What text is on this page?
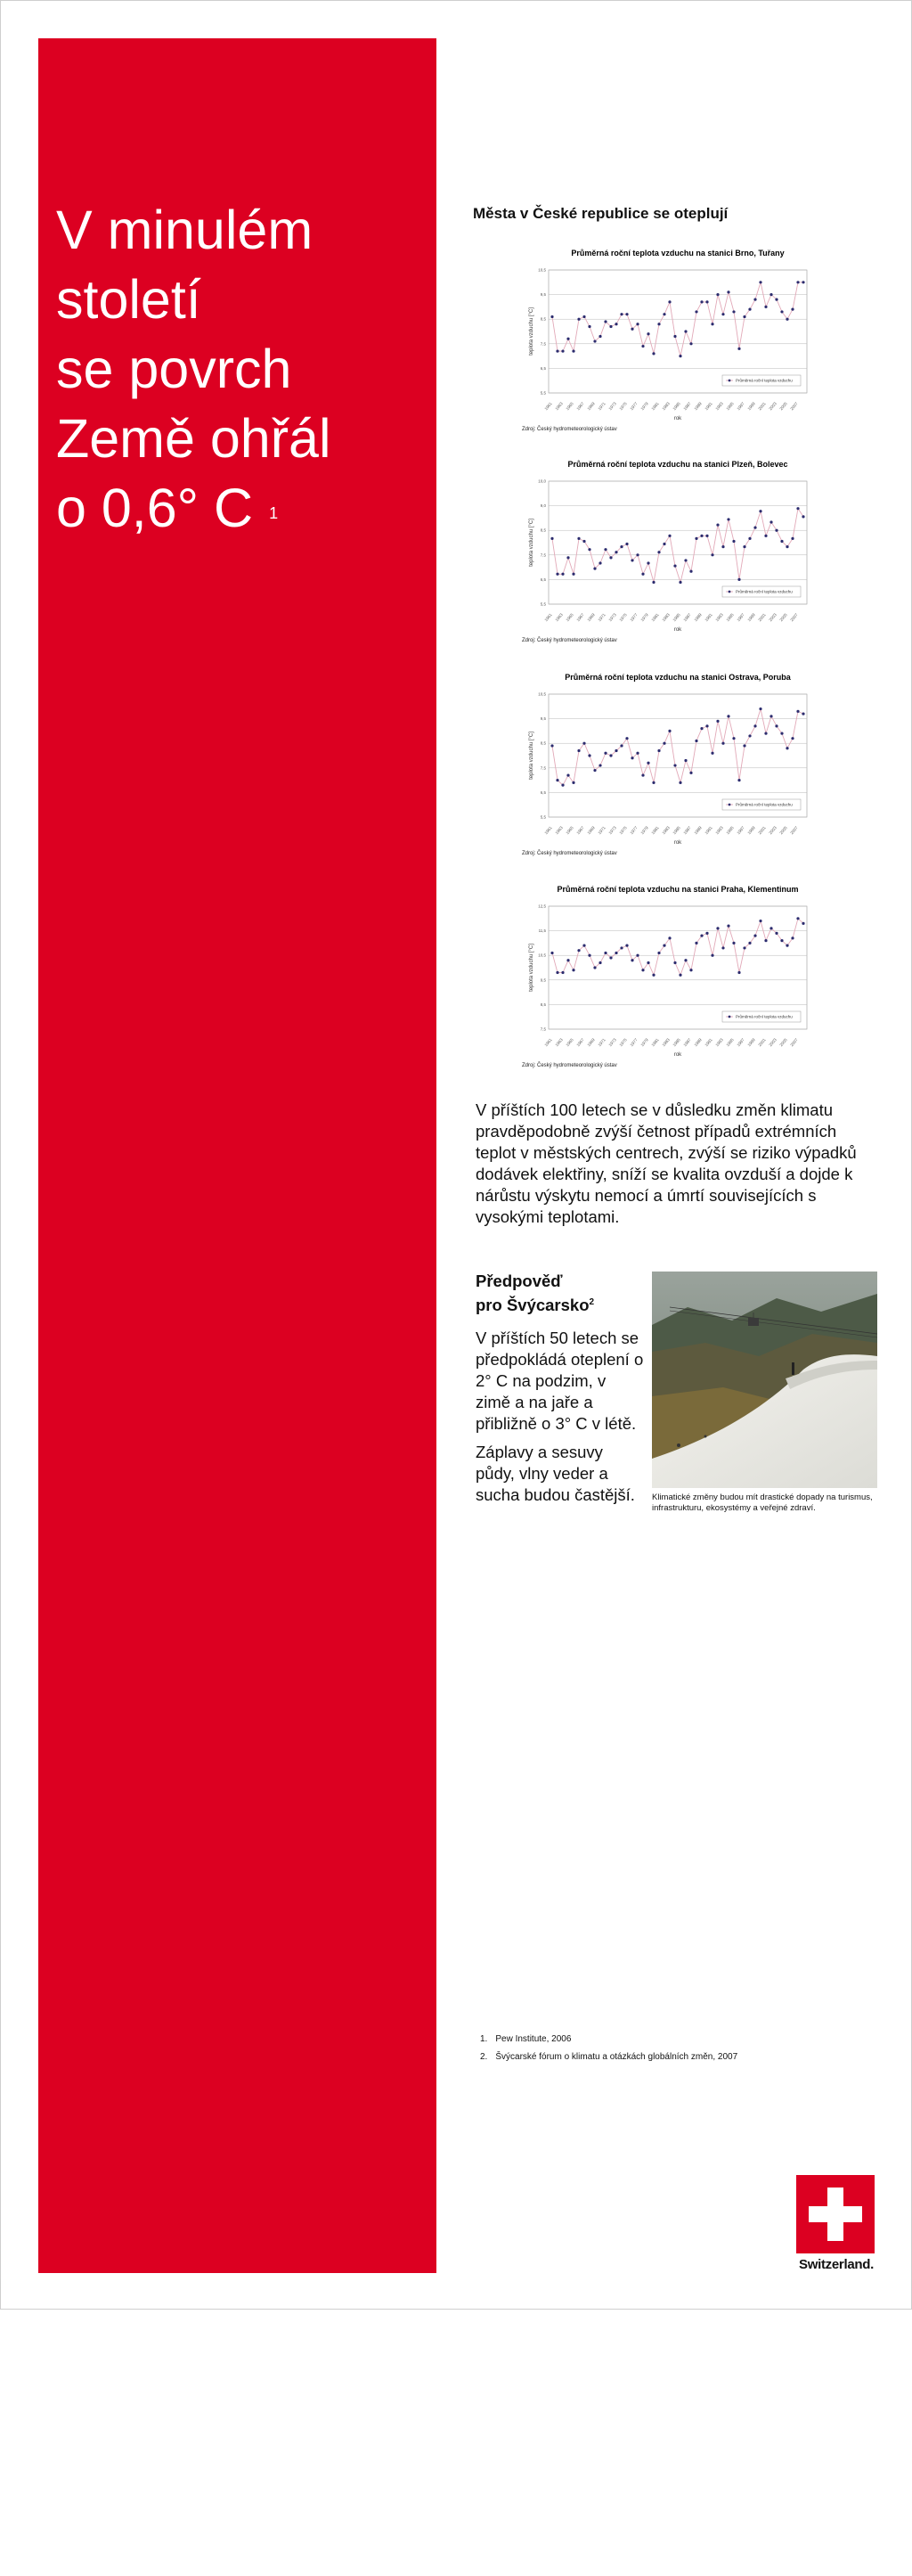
V minulém
století
se povrch
Země ohřál
o 0,6° C $^1$
Města v České republice se oteplují
Průměrná roční teplota vzduchu na stanici Brno, Tuřany
5,5
6,5
7,5
8,5
9,5
10,5
1961 1963 1965 1967 1969 1971 1973 1975 1977 1979 1981 1983 1985 1987 1989 1991 1993 1995 1997 1999 2001 2003 2005 2007
teplota vzduchu [°C]
rok
Průměrná roční teplota vzduchu
Zdroj: Český hydrometeorologický ústav
Průměrná roční teplota vzduchu na stanici Plzeň, Bolevec
5,5
6,5
7,5
8,5
9,0
10,0
1961 1963 1965 1967 1969 1971 1973 1975 1977 1979 1981 1983 1985 1987 1989 1991 1993 1995 1997 1999 2001 2003 2005 2007
teplota vzduchu [°C]
rok
Průměrná roční teplota vzduchu
Zdroj: Český hydrometeorologický ústav
Průměrná roční teplota vzduchu na stanici Ostrava, Poruba
5,5
6,5
7,5
8,5
9,5
10,5
1961 1963 1965 1967 1969 1971 1973 1975 1977 1979 1981 1983 1985 1987 1989 1991 1993 1995 1997 1999 2001 2003 2005 2007
teplota vzduchu [°C]
rok
Průměrná roční teplota vzduchu
Zdroj: Český hydrometeorologický ústav
Průměrná roční teplota vzduchu na stanici Praha, Klementinum
7,5
8,5
9,5
10,5
11,5
12,5
1961 1963 1965 1967 1969 1971 1973 1975 1977 1979 1981 1983 1985 1987 1989 1991 1993 1995 1997 1999 2001 2003 2005 2007
teplota vzduchu [°C]
rok
Průměrná roční teplota vzduchu
Zdroj: Český hydrometeorologický ústav
V příštích 100 letech se v důsledku změn klimatu pravděpodobně zvýší četnost případů extrémních teplot v městských centrech, zvýší se riziko výpadků dodávek elektřiny, sníží se kvalita ovzduší a dojde k nárůstu výskytu nemocí a úmrtí souvisejících s vysokými teplotami.
Předpověď
pro Švýcarsko$^2$
V příštích 50 letech se předpokládá oteplení o 2° C na podzim, v zimě a na jaře a přibližně o 3° C v létě.
Záplavy a sesuvy půdy, vlny veder a sucha budou častější.	Klimatické změny budou mít drastické dopady na turismus, infrastrukturu, ekosystémy a veřejné zdraví.
1. Pew Institute, 2006
2. Švýcarské fórum o klimatu a otázkách globálních změn, 2007
Switzerland.
